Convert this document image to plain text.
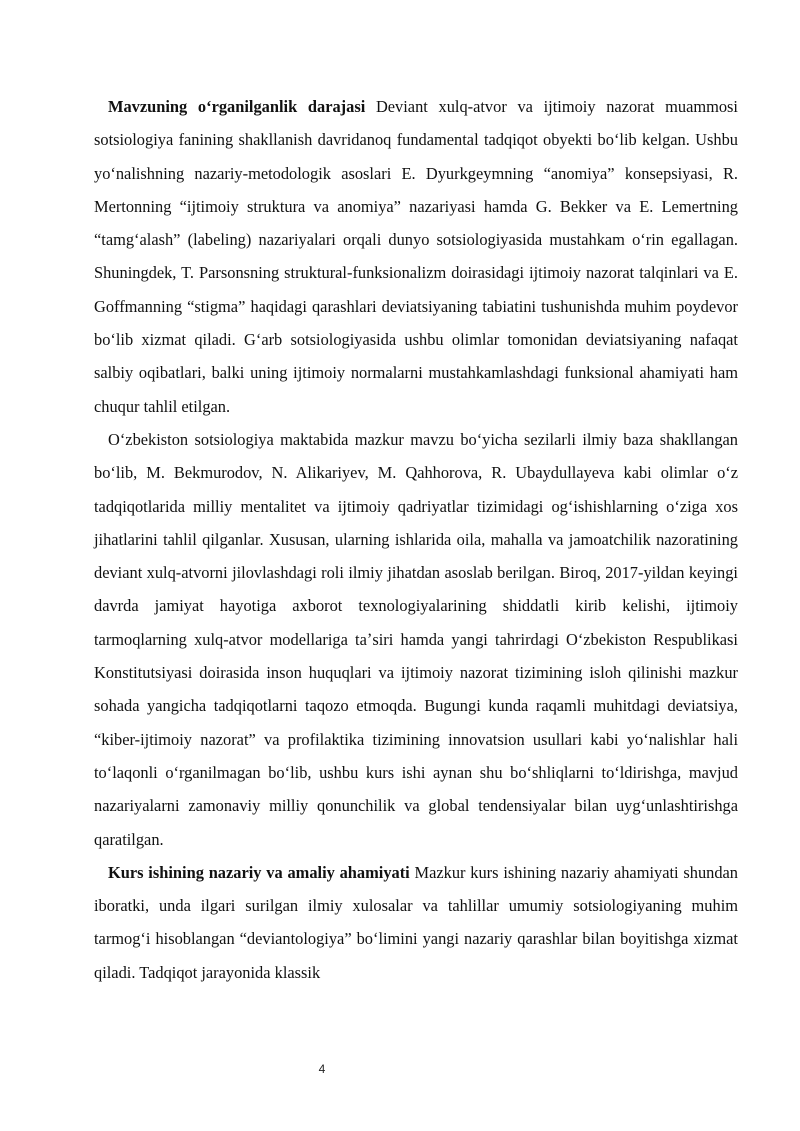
Mavzuning oʻrganilganlik darajasi Deviant xulq-atvor va ijtimoiy nazorat muammosi sotsiologiya fanining shakllanish davridanoq fundamental tadqiqot obyekti boʻlib kelgan. Ushbu yoʻnalishning nazariy-metodologik asoslari E. Dyurkgeymning “anomiya” konsepsiyasi, R. Mertonning “ijtimoiy struktura va anomiya” nazariyasi hamda G. Bekker va E. Lemertning “tamgʻalash” (labeling) nazariyalari orqali dunyo sotsiologiyasida mustahkam oʻrin egallagan. Shuningdek, T. Parsonsning struktural-funksionalizm doirasidagi ijtimoiy nazorat talqinlari va E. Goffmanning “stigma” haqidagi qarashlari deviatsiyaning tabiatini tushunishda muhim poydevor boʻlib xizmat qiladi. Gʻarb sotsiologiyasida ushbu olimlar tomonidan deviatsiyaning nafaqat salbiy oqibatlari, balki uning ijtimoiy normalarni mustahkamlashdagi funksional ahamiyati ham chuqur tahlil etilgan.

Oʻzbekiston sotsiologiya maktabida mazkur mavzu boʻyicha sezilarli ilmiy baza shakllangan boʻlib, M. Bekmurodov, N. Alikariyev, M. Qahhorova, R. Ubaydullayeva kabi olimlar oʻz tadqiqotlarida milliy mentalitet va ijtimoiy qadriyatlar tizimidagi ogʻishishlarning oʻziga xos jihatlarini tahlil qilganlar. Xususan, ularning ishlarida oila, mahalla va jamoatchilik nazoratining deviant xulq-atvorni jilovlashdagi roli ilmiy jihatdan asoslab berilgan. Biroq, 2017-yildan keyingi davrda jamiyat hayotiga axborot texnologiyalarining shiddatli kirib kelishi, ijtimoiy tarmoqlarning xulq-atvor modellariga taʼsiri hamda yangi tahrirdagi Oʻzbekiston Respublikasi Konstitutsiyasi doirasida inson huquqlari va ijtimoiy nazorat tizimining isloh qilinishi mazkur sohada yangicha tadqiqotlarni taqozo etmoqda. Bugungi kunda raqamli muhitdagi deviatsiya, “kiber-ijtimoiy nazorat” va profilaktika tizimining innovatsion usullari kabi yoʻnalishlar hali toʻlaqonli oʻrganilmagan boʻlib, ushbu kurs ishi aynan shu boʻshliqlarni toʻldirishga, mavjud nazariyalarni zamonaviy milliy qonunchilik va global tendensiyalar bilan uygʻunlashtirishga qaratilgan.

Kurs ishining nazariy va amaliy ahamiyati Mazkur kurs ishining nazariy ahamiyati shundan iboratki, unda ilgari surilgan ilmiy xulosalar va tahlillar umumiy sotsiologiyaning muhim tarmogʻi hisoblangan “deviantologiya” boʻlimini yangi nazariy qarashlar bilan boyitishga xizmat qiladi. Tadqiqot jarayonida klassik

4
